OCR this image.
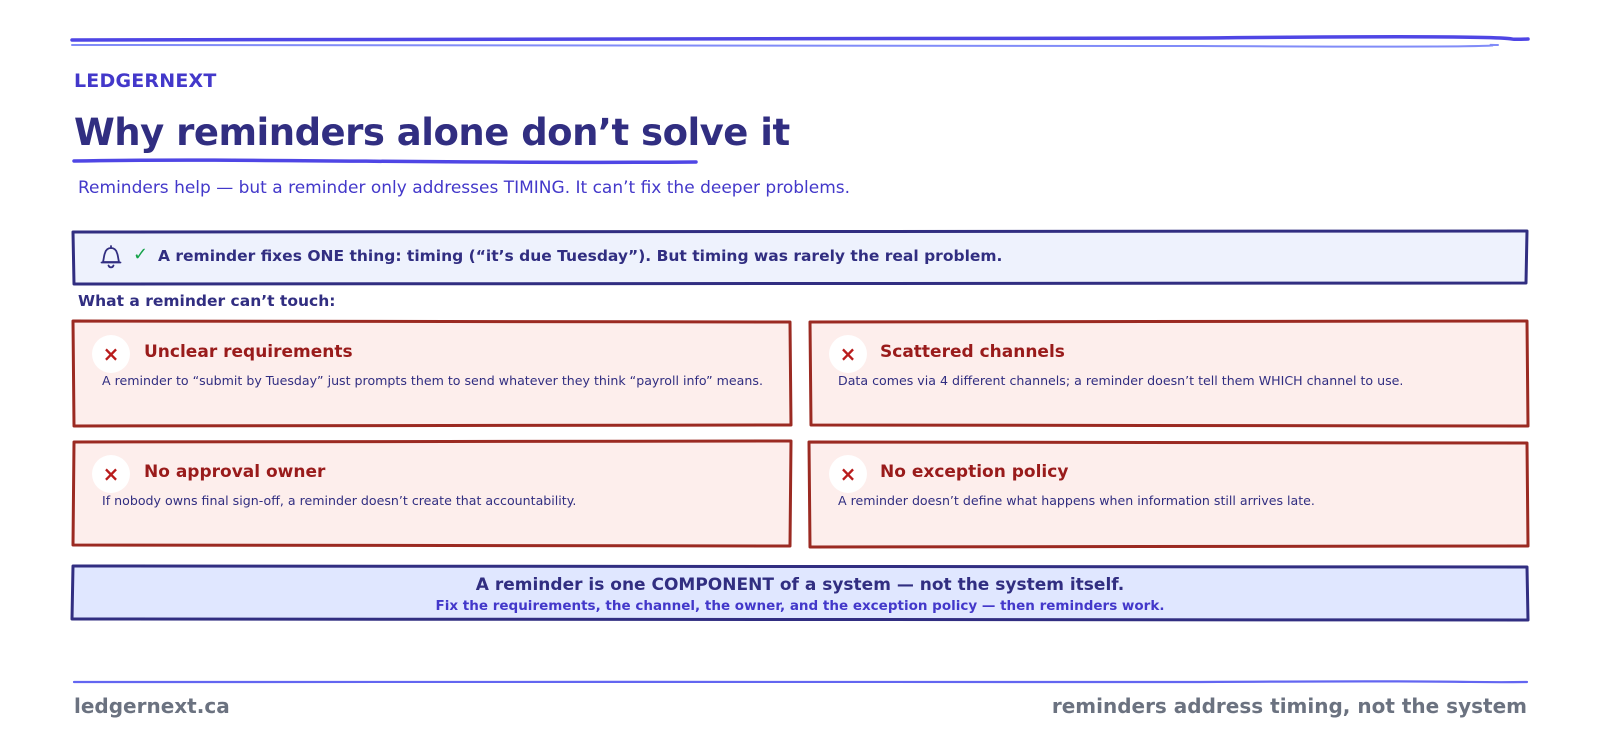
LEDGERNEXT
Why reminders alone don’t solve it
Reminders help — but a reminder only addresses TIMING. It can’t fix the deeper problems.
✓ A reminder fixes ONE thing: timing (“it’s due Tuesday”). But timing was rarely the real problem.
What a reminder can’t touch:
×	Unclear requirements
A reminder to “submit by Tuesday” just prompts them to send whatever they think “payroll info” means.
×	Scattered channels
Data comes via 4 different channels; a reminder doesn’t tell them WHICH channel to use.
×	No approval owner
If nobody owns final sign-off, a reminder doesn’t create that accountability.
×	No exception policy
A reminder doesn’t define what happens when information still arrives late.
A reminder is one COMPONENT of a system — not the system itself.
Fix the requirements, the channel, the owner, and the exception policy — then reminders work.
ledgernext.ca	reminders address timing, not the system
